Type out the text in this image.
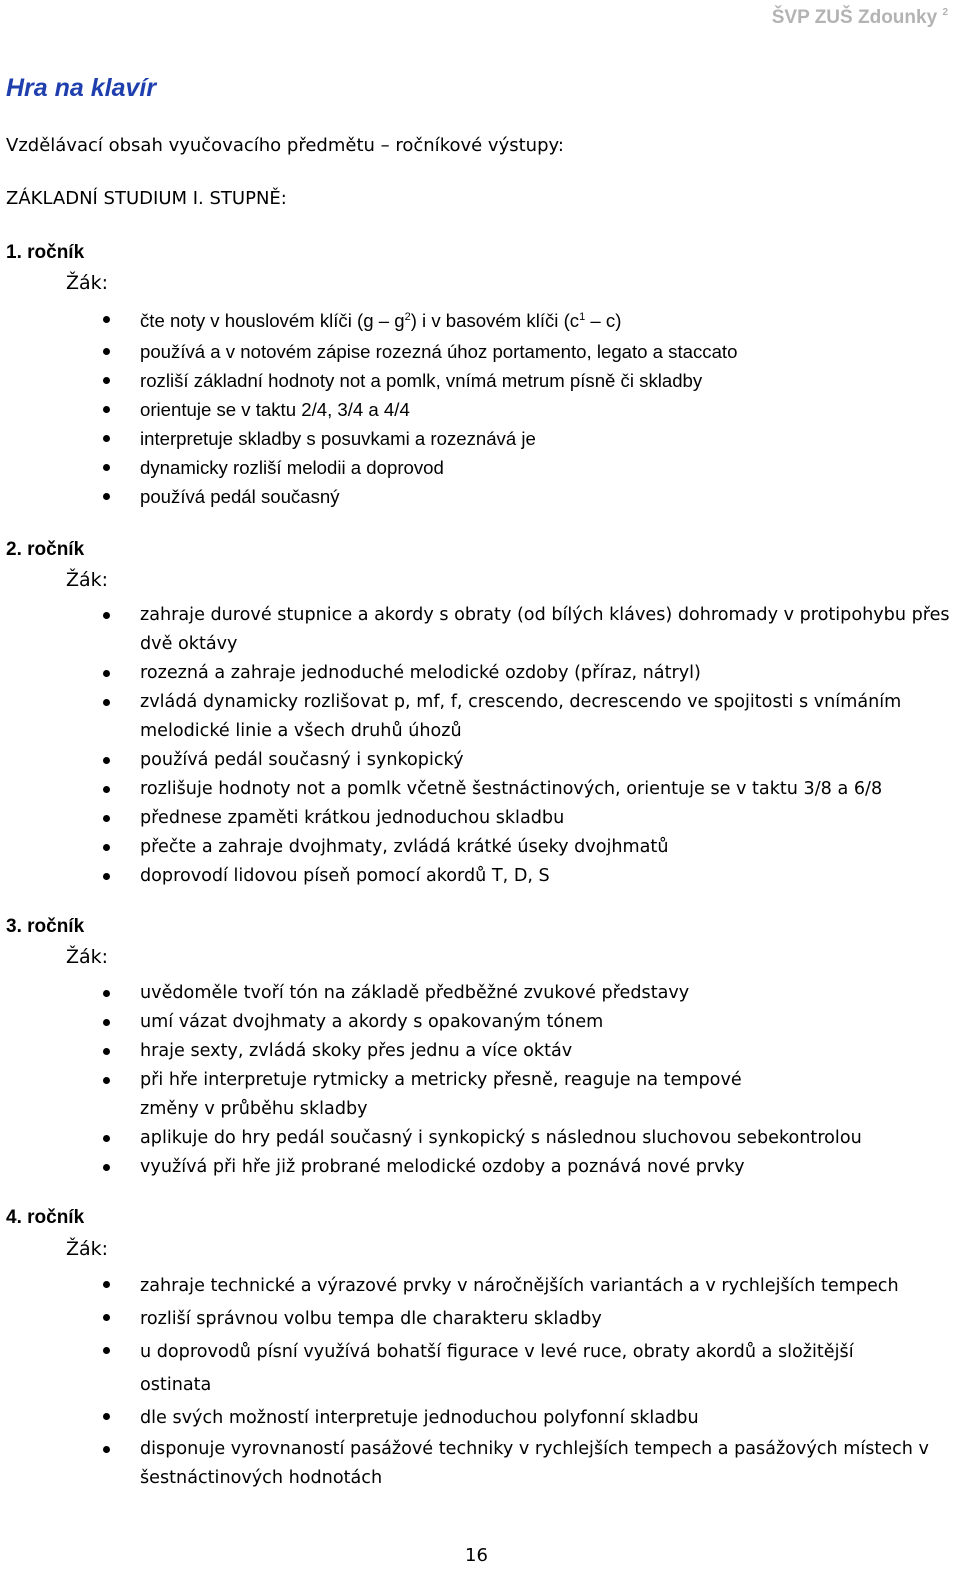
ŠVP ZUŠ Zdounky $^2$
Hra na klavír
Vzdělávací obsah vyučovacího předmětu – ročníkové výstupy:
ZÁKLADNÍ STUDIUM I. STUPNĚ:
1. ročník
Žák:
čte noty v houslovém klíči $(g - g^2)$ i v basovém klíči $(c^1 - c)$
používá a v notovém zápise rozezná úhoz portamento, legato a staccato
rozliší základní hodnoty not a pomlk, vnímá metrum písně či skladby
orientuje se v taktu 2/4, 3/4 a 4/4
interpretuje skladby s posuvkami a rozeznává je
dynamicky rozliší melodii a doprovod
používá pedál současný
2. ročník
Žák:
zahraje durové stupnice a akordy s obraty (od bílých kláves) dohromady v protipohybu přes dvě oktávy
rozezná a zahraje jednoduché melodické ozdoby (příraz, nátryl)
zvládá dynamicky rozlišovat p, mf, f, crescendo, decrescendo ve spojitosti s vnímáním melodické linie a všech druhů úhozů
používá pedál současný i synkopický
rozlišuje hodnoty not a pomlk včetně šestnáctinových, orientuje se v taktu 3/8 a 6/8
přednese zpaměti krátkou jednoduchou skladbu
přečte a zahraje dvojhmaty, zvládá krátké úseky dvojhmatů
doprovodí lidovou píseň pomocí akordů T, D, S
3. ročník
Žák:
uvědoměle tvoří tón na základě předběžné zvukové představy
umí vázat dvojhmaty a akordy s opakovaným tónem
hraje sexty, zvládá skoky přes jednu a více oktáv
při hře interpretuje rytmicky a metricky přesně, reaguje na tempové změny v průběhu skladby
aplikuje do hry pedál současný i synkopický s následnou sluchovou sebekontrolou
využívá při hře již probrané melodické ozdoby a poznává nové prvky
4. ročník
Žák:
zahraje technické a výrazové prvky v náročnějších variantách a v rychlejších tempech
rozliší správnou volbu tempa dle charakteru skladby
u doprovodů písní využívá bohatší figurace v levé ruce, obraty akordů a složitější ostinata
dle svých možností interpretuje jednoduchou polyfonní skladbu
disponuje vyrovnaností pasážové techniky v rychlejších tempech a pasážových místech v šestnáctinových hodnotách
16
